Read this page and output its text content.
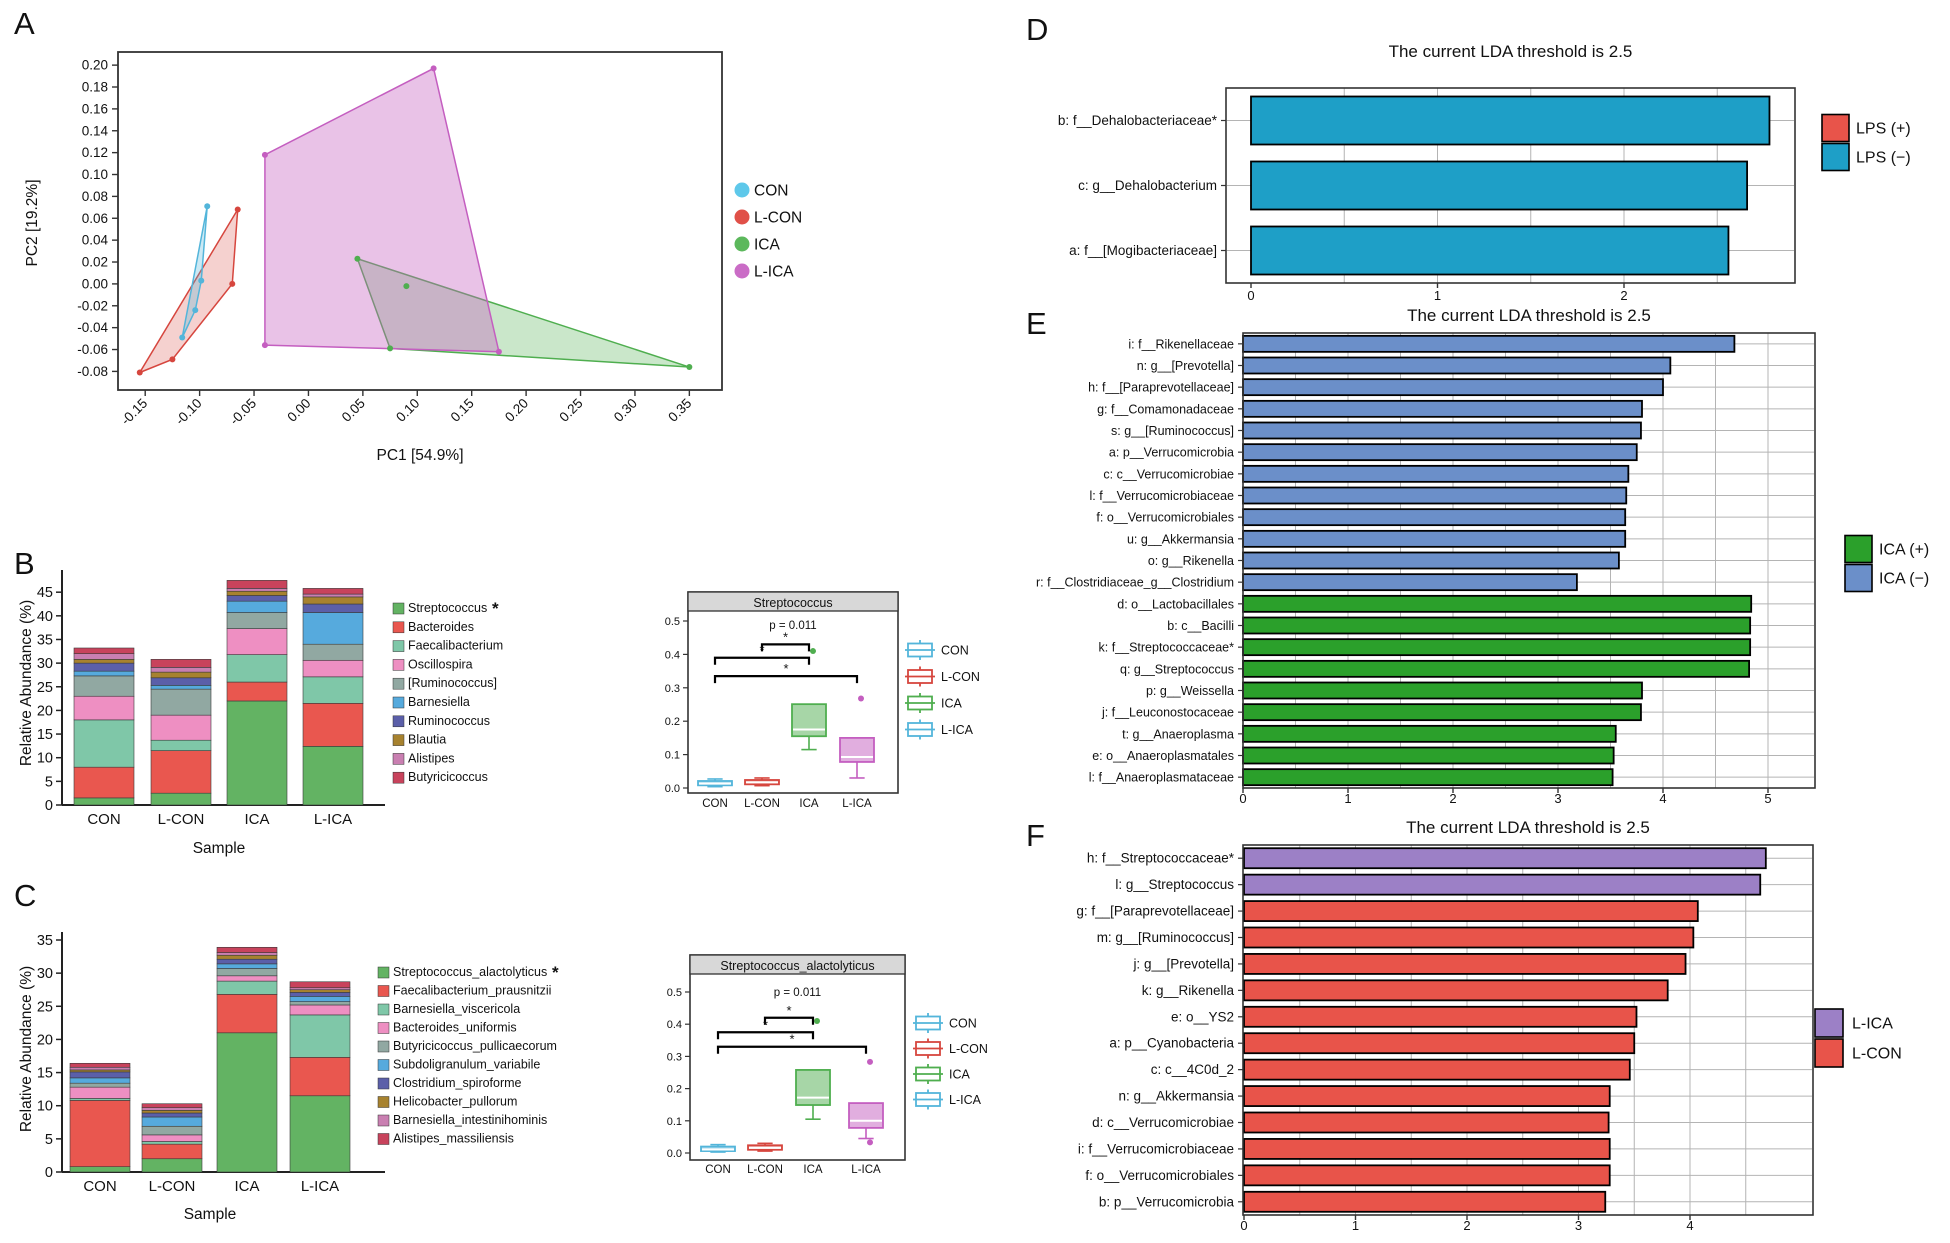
0.20
0.18
0.16
0.14
0.12
0.10
0.08
0.06
0.04
0.02
0.00
-0.02
-0.04
-0.06
-0.08
-0.15 -0.10 -0.05 0.00 0.05 0.10 0.15 0.20 0.25 0.30 0.35
CON
L-CON
ICA
L-ICA
0
5
10
15
20
25
30
35
40
45
CON L-CON	ICA	L-ICA
Streptococcus *
Bacteroides
Faecalibacterium
Oscillospira
[Ruminococcus]
Barnesiella
Ruminococcus
Blautia
Alistipes
Butyricicoccus
0
5
10
15
20
25
30
35
CON L-CON	ICA	L-ICA
Streptococcus_alactolyticus *
Faecalibacterium_prausnitzii
Barnesiella_viscericola
Bacteroides_uniformis
Butyricicoccus_pullicaecorum
Subdoligranulum_variabile
Clostridium_spiroforme
Helicobacter_pullorum
Barnesiella_intestinihominis
Alistipes_massiliensis
0.0
0.1
0.2
0.3
0.4
0.5
CON L-CON ICA L-ICA
*
*
*
CON
L-CON
ICA
L-ICA
0.0
0.1
0.2
0.3
0.4
0.5
CON L-CON ICA L-ICA
*
*
*
CON
L-CON
ICA
L-ICA
b: f__Dehalobacteriaceae*
c: g__Dehalobacterium
a: f__[Mogibacteriaceae]
0	1	2
LPS (+)
LPS (−)
i: f__Rikenellaceae
n: g__[Prevotella]
h: f__[Paraprevotellaceae]
g: f__Comamonadaceae
s: g__[Ruminococcus]
a: p__Verrucomicrobia
c: c__Verrucomicrobiae
l: f__Verrucomicrobiaceae
f: o__Verrucomicrobiales
u: g__Akkermansia
o: g__Rikenella
r: f__Clostridiaceae_g__Clostridium
d: o__Lactobacillales
b: c__Bacilli
k: f__Streptococcaceae*
q: g__Streptococcus
p: g__Weissella
j: f__Leuconostocaceae
t: g__Anaeroplasma
e: o__Anaeroplasmatales
l: f__Anaeroplasmataceae
0	1	2	3	4	5
ICA (+)
ICA (−)
h: f__Streptococcaceae*
l: g__Streptococcus
g: f__[Paraprevotellaceae]
m: g__[Ruminococcus]
j: g__[Prevotella]
k: g__Rikenella
e: o__YS2
a: p__Cyanobacteria
c: c__4C0d_2
n: g__Akkermansia
d: c__Verrucomicrobiae
i: f__Verrucomicrobiaceae
f: o__Verrucomicrobiales
b: p__Verrucomicrobia
0	1	2	3	4
L-ICA
L-CON
A
B
C
D
E
F
PC2 [19.2%]
PC1 [54.9%]
Relative Abundance (%)
Sample
Relative Abundance (%)
Sample
Streptococcus
p = 0.011
Streptococcus_alactolyticus
p = 0.011
The current LDA threshold is 2.5
The current LDA threshold is 2.5
The current LDA threshold is 2.5
